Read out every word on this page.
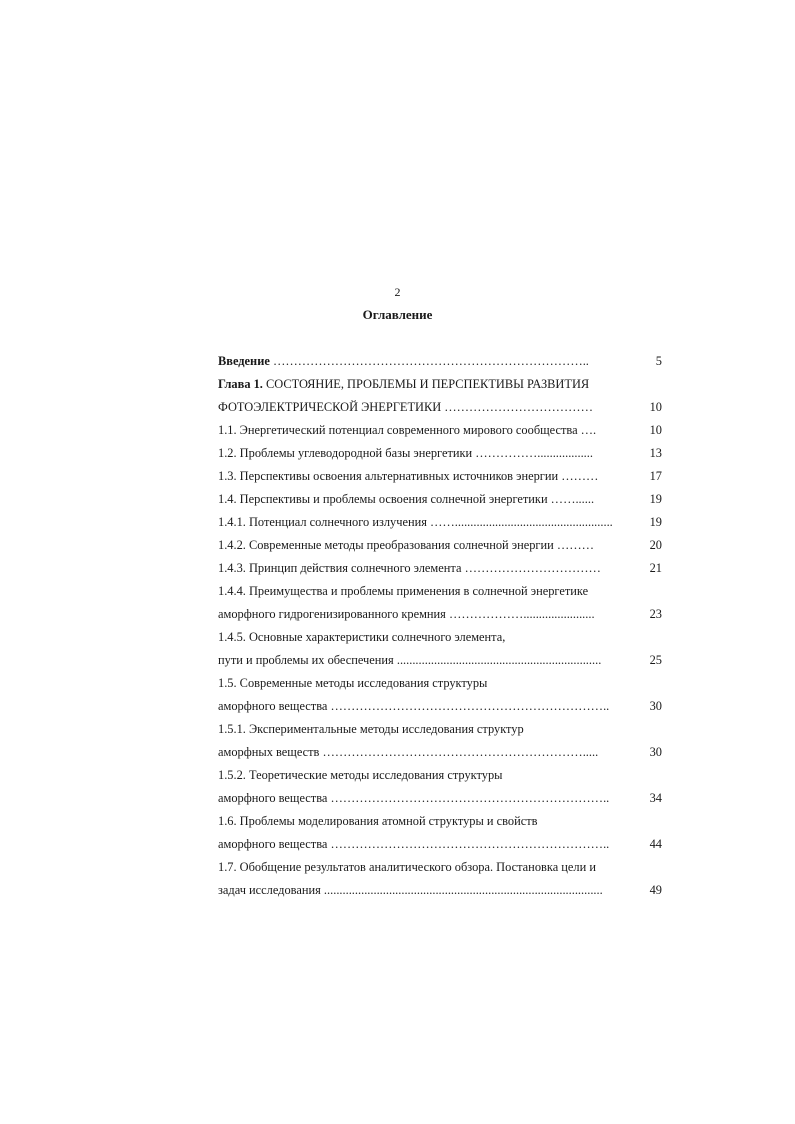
2
Оглавление
Введение …………………………………………………………………..	5
Глава 1. СОСТОЯНИЕ, ПРОБЛЕМЫ И ПЕРСПЕКТИВЫ РАЗВИТИЯ
ФОТОЭЛЕКТРИЧЕСКОЙ ЭНЕРГЕТИКИ ………………………………	10
1.1. Энергетический потенциал современного мирового сообщества ….	10
1.2. Проблемы углеводородной базы энергетики ……………..................	13
1.3. Перспективы освоения альтернативных источников энергии ………	17
1.4. Перспективы и проблемы освоения солнечной энергетики ……......	19
1.4.1. Потенциал солнечного излучения ……...................................................	19
1.4.2. Современные методы преобразования солнечной энергии ………	20
1.4.3. Принцип действия солнечного элемента ……………………………	21
1.4.4. Преимущества и проблемы применения в солнечной энергетике
аморфного гидрогенизированного кремния ……………….......................	23
1.4.5. Основные характеристики солнечного элемента,
пути и проблемы их обеспечения ..................................................................	25
1.5. Современные методы исследования структуры
аморфного вещества …………………………………………………………..	30
1.5.1. Экспериментальные методы исследования структур
аморфных веществ ……………………………………………………….....	30
1.5.2. Теоретические методы исследования структуры
аморфного вещества …………………………………………………………..	34
1.6. Проблемы моделирования атомной структуры и свойств
аморфного вещества …………………………………………………………..	44
1.7. Обобщение результатов аналитического обзора. Постановка цели и
задач исследования ..........................................................................................	49
